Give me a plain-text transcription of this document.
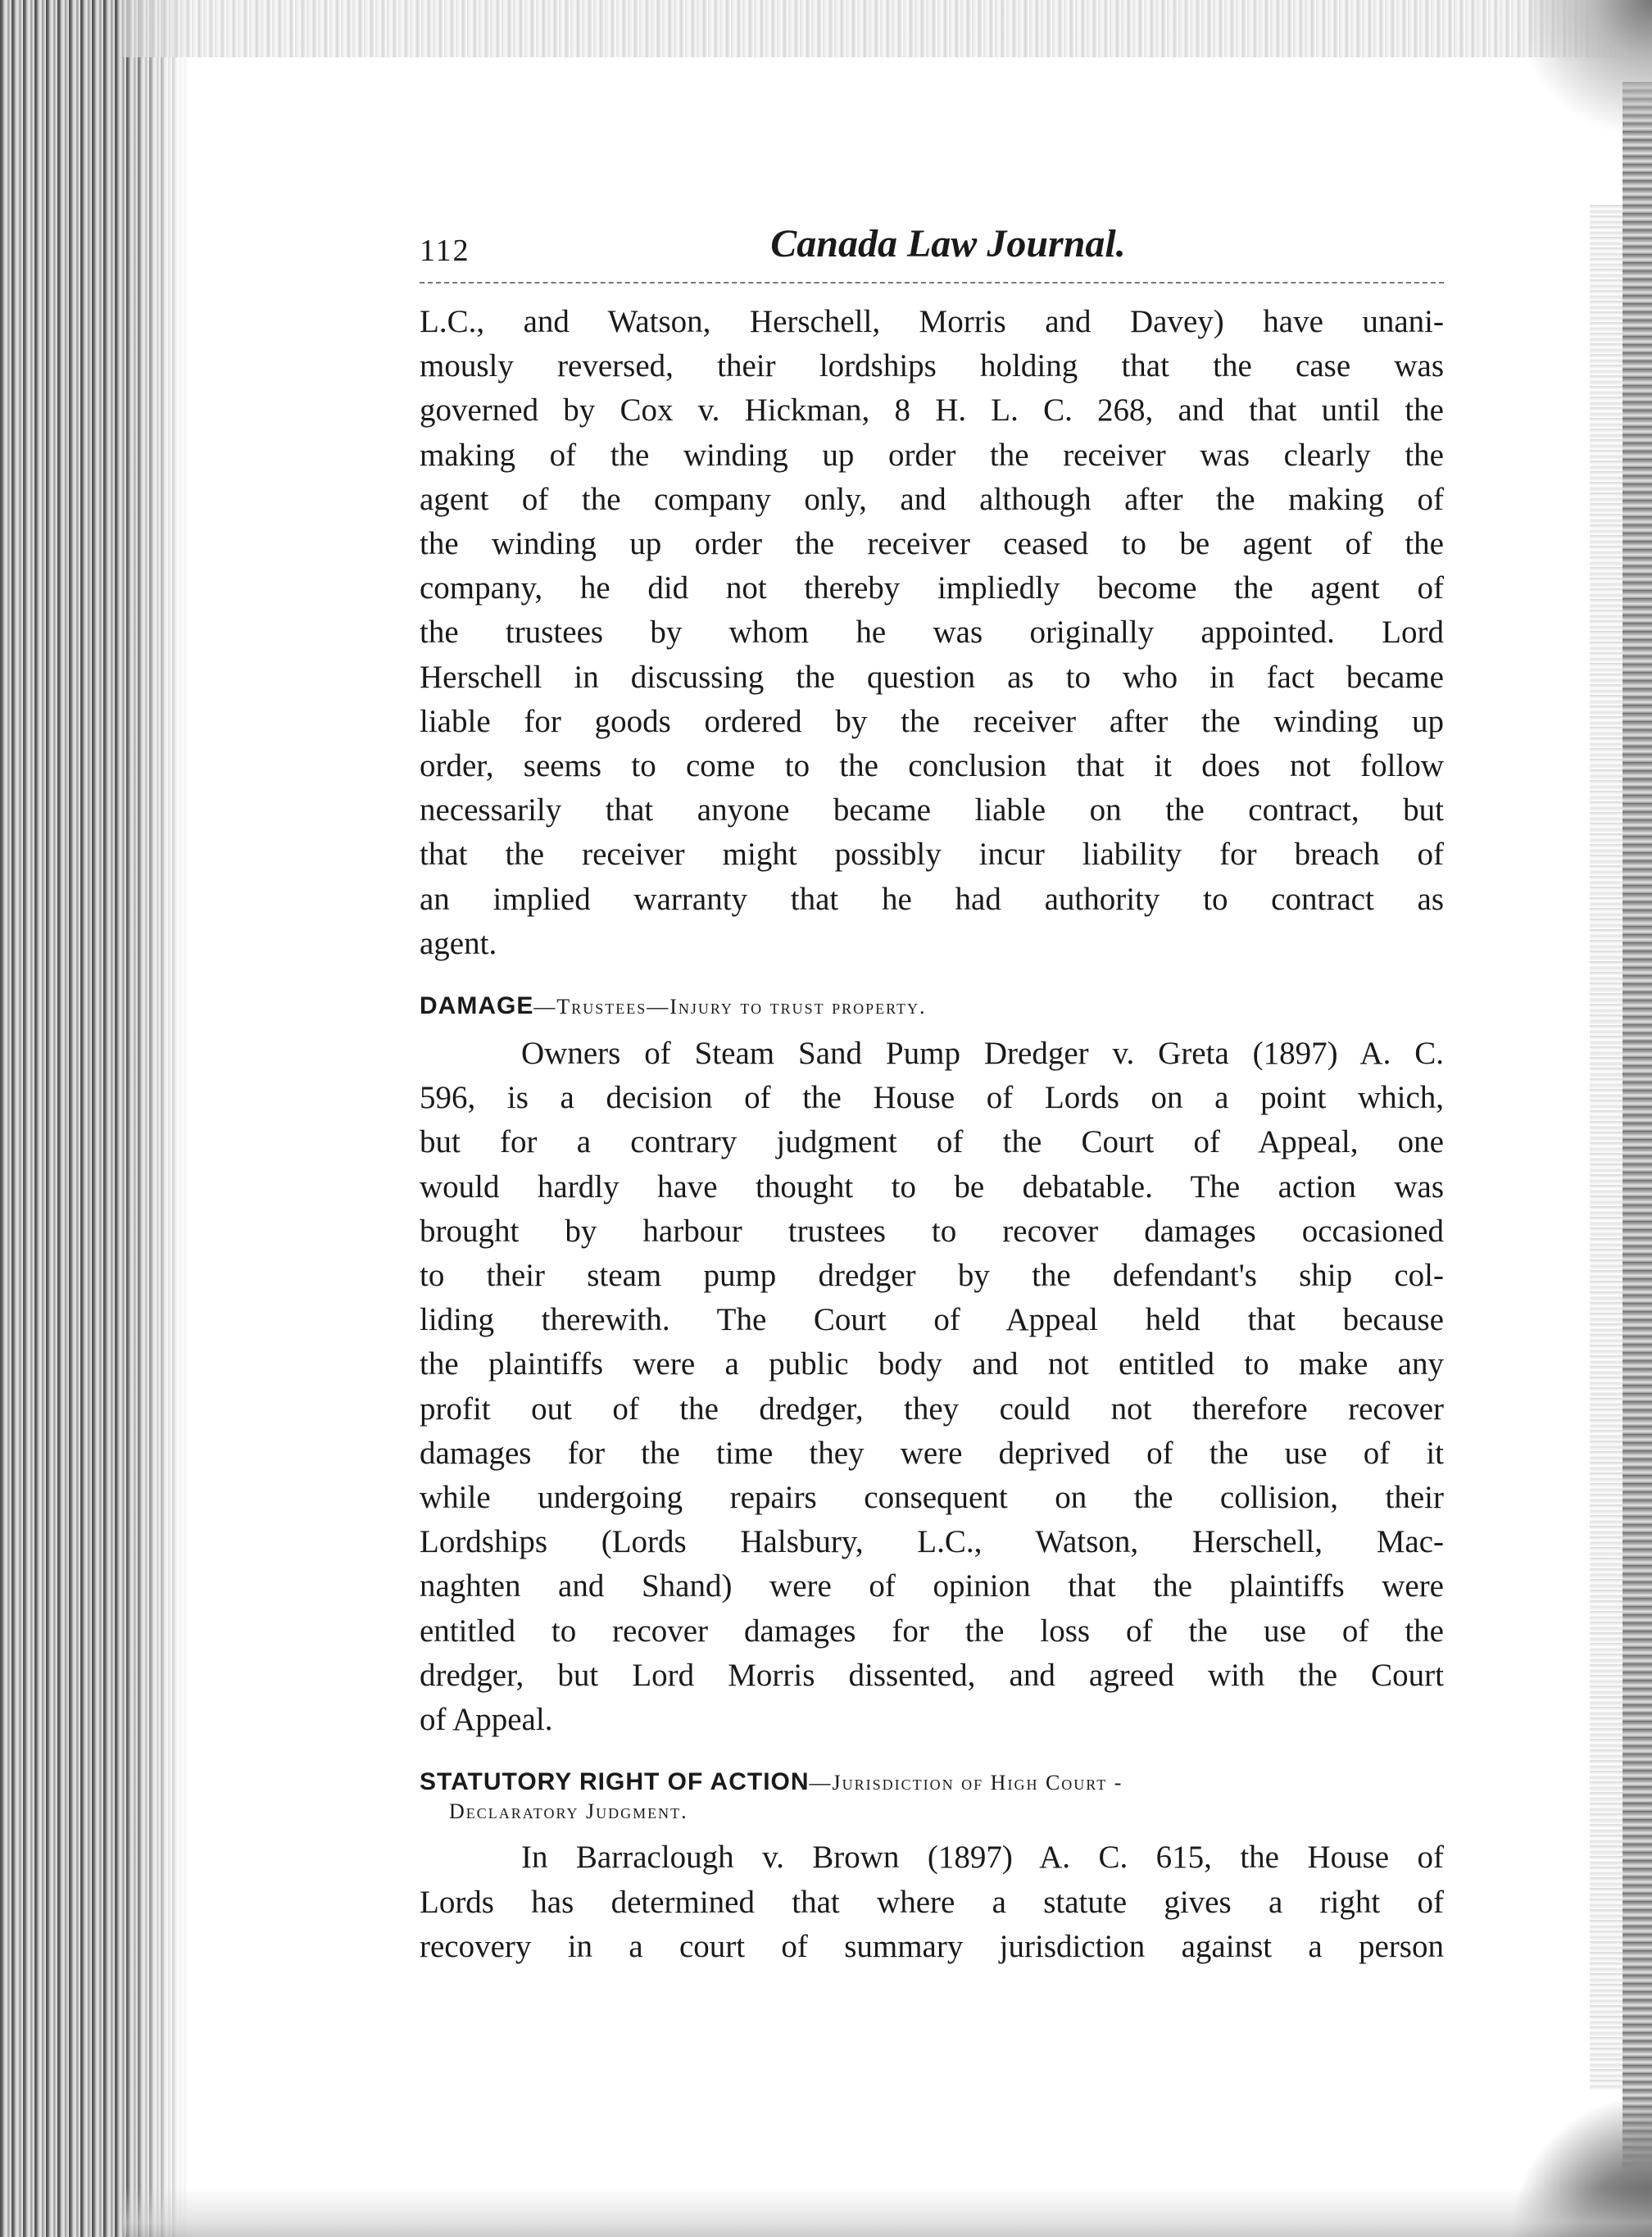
112	Canada Law Journal.
L.C., and Watson, Herschell, Morris and Davey) have unani-
mously reversed, their lordships holding that the case was
governed by Cox v. Hickman, 8 H. L. C. 268, and that until the
making of the winding up order the receiver was clearly the
agent of the company only, and although after the making of
the winding up order the receiver ceased to be agent of the
company, he did not thereby impliedly become the agent of
the trustees by whom he was originally appointed. Lord
Herschell in discussing the question as to who in fact became
liable for goods ordered by the receiver after the winding up
order, seems to come to the conclusion that it does not follow
necessarily that anyone became liable on the contract, but
that the receiver might possibly incur liability for breach of
an implied warranty that he had authority to contract as
agent.
DAMAGE—Trustees—Injury to trust property.
Owners of Steam Sand Pump Dredger v. Greta (1897) A. C.
596, is a decision of the House of Lords on a point which,
but for a contrary judgment of the Court of Appeal, one
would hardly have thought to be debatable. The action was
brought by harbour trustees to recover damages occasioned
to their steam pump dredger by the defendant's ship col-
liding therewith. The Court of Appeal held that because
the plaintiffs were a public body and not entitled to make any
profit out of the dredger, they could not therefore recover
damages for the time they were deprived of the use of it
while undergoing repairs consequent on the collision, their
Lordships (Lords Halsbury, L.C., Watson, Herschell, Mac-
naghten and Shand) were of opinion that the plaintiffs were
entitled to recover damages for the loss of the use of the
dredger, but Lord Morris dissented, and agreed with the Court
of Appeal.
STATUTORY RIGHT OF ACTION—Jurisdiction of High Court -
Declaratory Judgment.
In Barraclough v. Brown (1897) A. C. 615, the House of
Lords has determined that where a statute gives a right of
recovery in a court of summary jurisdiction against a person
